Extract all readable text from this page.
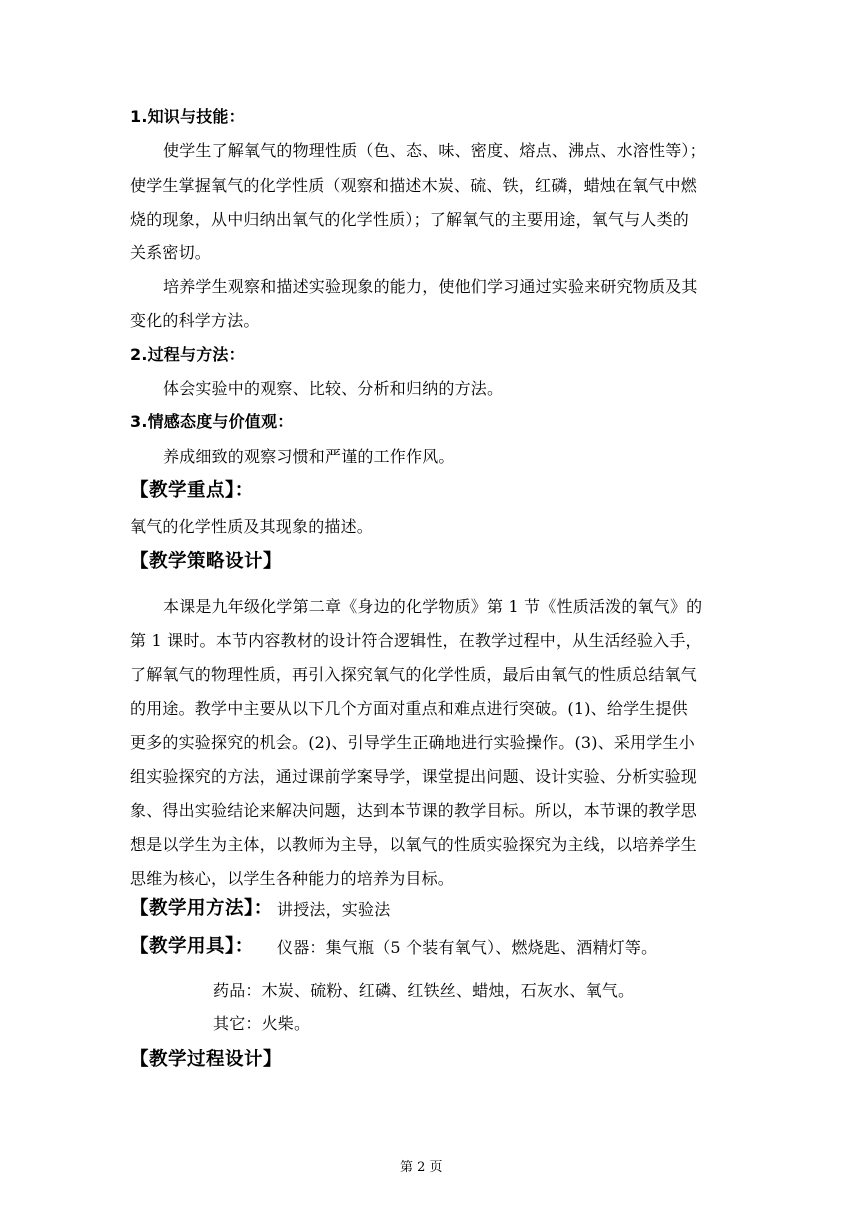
1.知识与技能：
使学生了解氧气的物理性质（色、态、味、密度、熔点、沸点、水溶性等）；
使学生掌握氧气的化学性质（观察和描述木炭、硫、铁，红磷，蜡烛在氧气中燃
烧的现象，从中归纳出氧气的化学性质）；了解氧气的主要用途，氧气与人类的
关系密切。
培养学生观察和描述实验现象的能力，使他们学习通过实验来研究物质及其
变化的科学方法。
2.过程与方法：
体会实验中的观察、比较、分析和归纳的方法。
3.情感态度与价值观：
养成细致的观察习惯和严谨的工作作风。
【教学重点】：
氧气的化学性质及其现象的描述。
【教学策略设计】
本课是九年级化学第二章《身边的化学物质》第 1 节《性质活泼的氧气》的
第 1 课时。本节内容教材的设计符合逻辑性，在教学过程中，从生活经验入手，
了解氧气的物理性质，再引入探究氧气的化学性质，最后由氧气的性质总结氧气
的用途。教学中主要从以下几个方面对重点和难点进行突破。(1)、给学生提供
更多的实验探究的机会。(2)、引导学生正确地进行实验操作。(3)、采用学生小
组实验探究的方法，通过课前学案导学，课堂提出问题、设计实验、分析实验现
象、得出实验结论来解决问题，达到本节课的教学目标。所以，本节课的教学思
想是以学生为主体，以教师为主导，以氧气的性质实验探究为主线，以培养学生
思维为核心，以学生各种能力的培养为目标。
【教学用方法】： 讲授法，实验法
【教学用具】： 仪器：集气瓶（5 个装有氧气）、燃烧匙、酒精灯等。
药品：木炭、硫粉、红磷、红铁丝、蜡烛，石灰水、氧气。
其它：火柴。
【教学过程设计】
第 2 页
